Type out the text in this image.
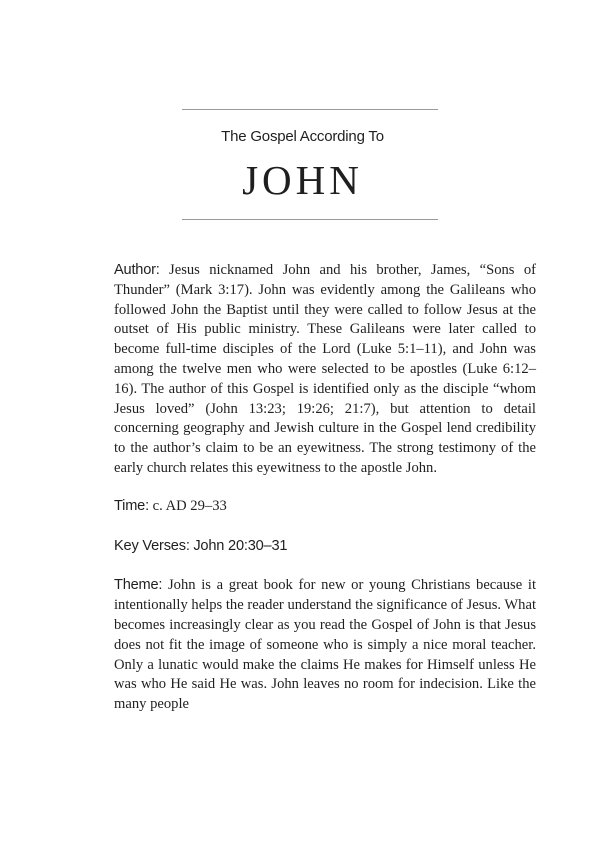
The Gospel According To
JOHN

Author: Jesus nicknamed John and his brother, James, “Sons of Thunder” (Mark 3:17). John was evidently among the Galileans who followed John the Baptist until they were called to follow Jesus at the outset of His public ministry. These Galileans were later called to become full-time disciples of the Lord (Luke 5:1–11), and John was among the twelve men who were selected to be apostles (Luke 6:12–16). The author of this Gospel is identified only as the disciple “whom Jesus loved” (John 13:23; 19:26; 21:7), but attention to detail concerning geography and Jewish culture in the Gospel lend credibility to the author’s claim to be an eyewitness. The strong testimony of the early church relates this eyewitness to the apostle John.

Time: c. AD 29–33

Key Verses: John 20:30–31

Theme: John is a great book for new or young Christians because it intentionally helps the reader understand the significance of Jesus. What becomes increasingly clear as you read the Gospel of John is that Jesus does not fit the image of someone who is simply a nice moral teacher. Only a lunatic would make the claims He makes for Himself unless He was who He said He was. John leaves no room for indecision. Like the many people
